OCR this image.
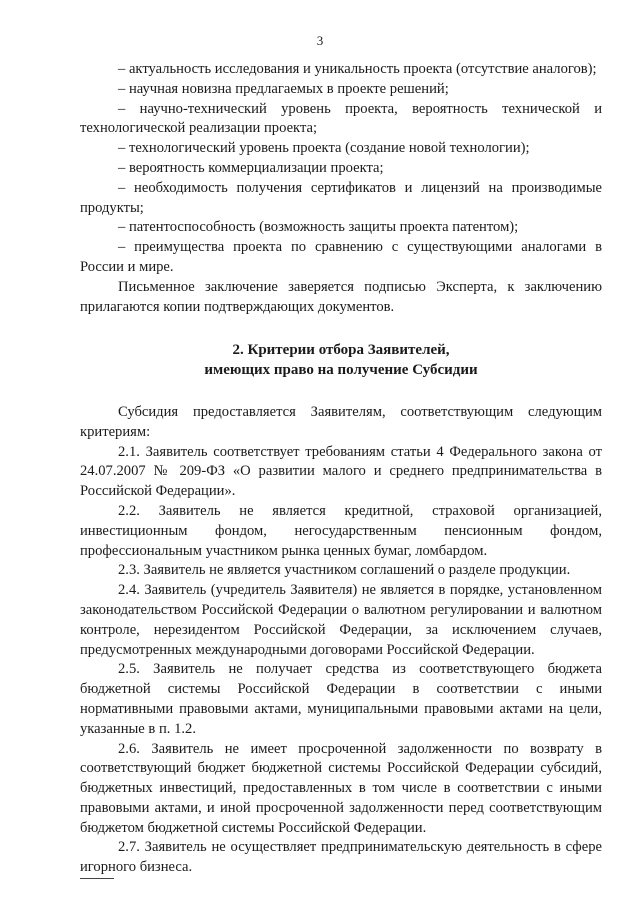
3

– актуальность исследования и уникальность проекта (отсутствие аналогов);

– научная новизна предлагаемых в проекте решений;

– научно-технический уровень проекта, вероятность технической и технологической реализации проекта;

– технологический уровень проекта (создание новой технологии);

– вероятность коммерциализации проекта;

– необходимость получения сертификатов и лицензий на производимые продукты;

– патентоспособность (возможность защиты проекта патентом);

– преимущества проекта по сравнению с существующими аналогами в России и мире.

Письменное заключение заверяется подписью Эксперта, к заключению прилагаются копии подтверждающих документов.

2. Критерии отбора Заявителей,
имеющих право на получение Субсидии

Субсидия предоставляется Заявителям, соответствующим следующим критериям:

2.1. Заявитель соответствует требованиям статьи 4 Федерального закона от 24.07.2007 № 209-ФЗ «О развитии малого и среднего предпринимательства в Российской Федерации».

2.2. Заявитель не является кредитной, страховой организацией, инвестиционным фондом, негосударственным пенсионным фондом, профессиональным участником рынка ценных бумаг, ломбардом.

2.3. Заявитель не является участником соглашений о разделе продукции.

2.4. Заявитель (учредитель Заявителя) не является в порядке, установленном законодательством Российской Федерации о валютном регулировании и валютном контроле, нерезидентом Российской Федерации, за исключением случаев, предусмотренных международными договорами Российской Федерации.

2.5. Заявитель не получает средства из соответствующего бюджета бюджетной системы Российской Федерации в соответствии с иными нормативными правовыми актами, муниципальными правовыми актами на цели, указанные в п. 1.2.

2.6. Заявитель не имеет просроченной задолженности по возврату в соответствующий бюджет бюджетной системы Российской Федерации субсидий, бюджетных инвестиций, предоставленных в том числе в соответствии с иными правовыми актами, и иной просроченной задолженности перед соответствующим бюджетом бюджетной системы Российской Федерации.

2.7. Заявитель не осуществляет предпринимательскую деятельность в сфере игорного бизнеса.
